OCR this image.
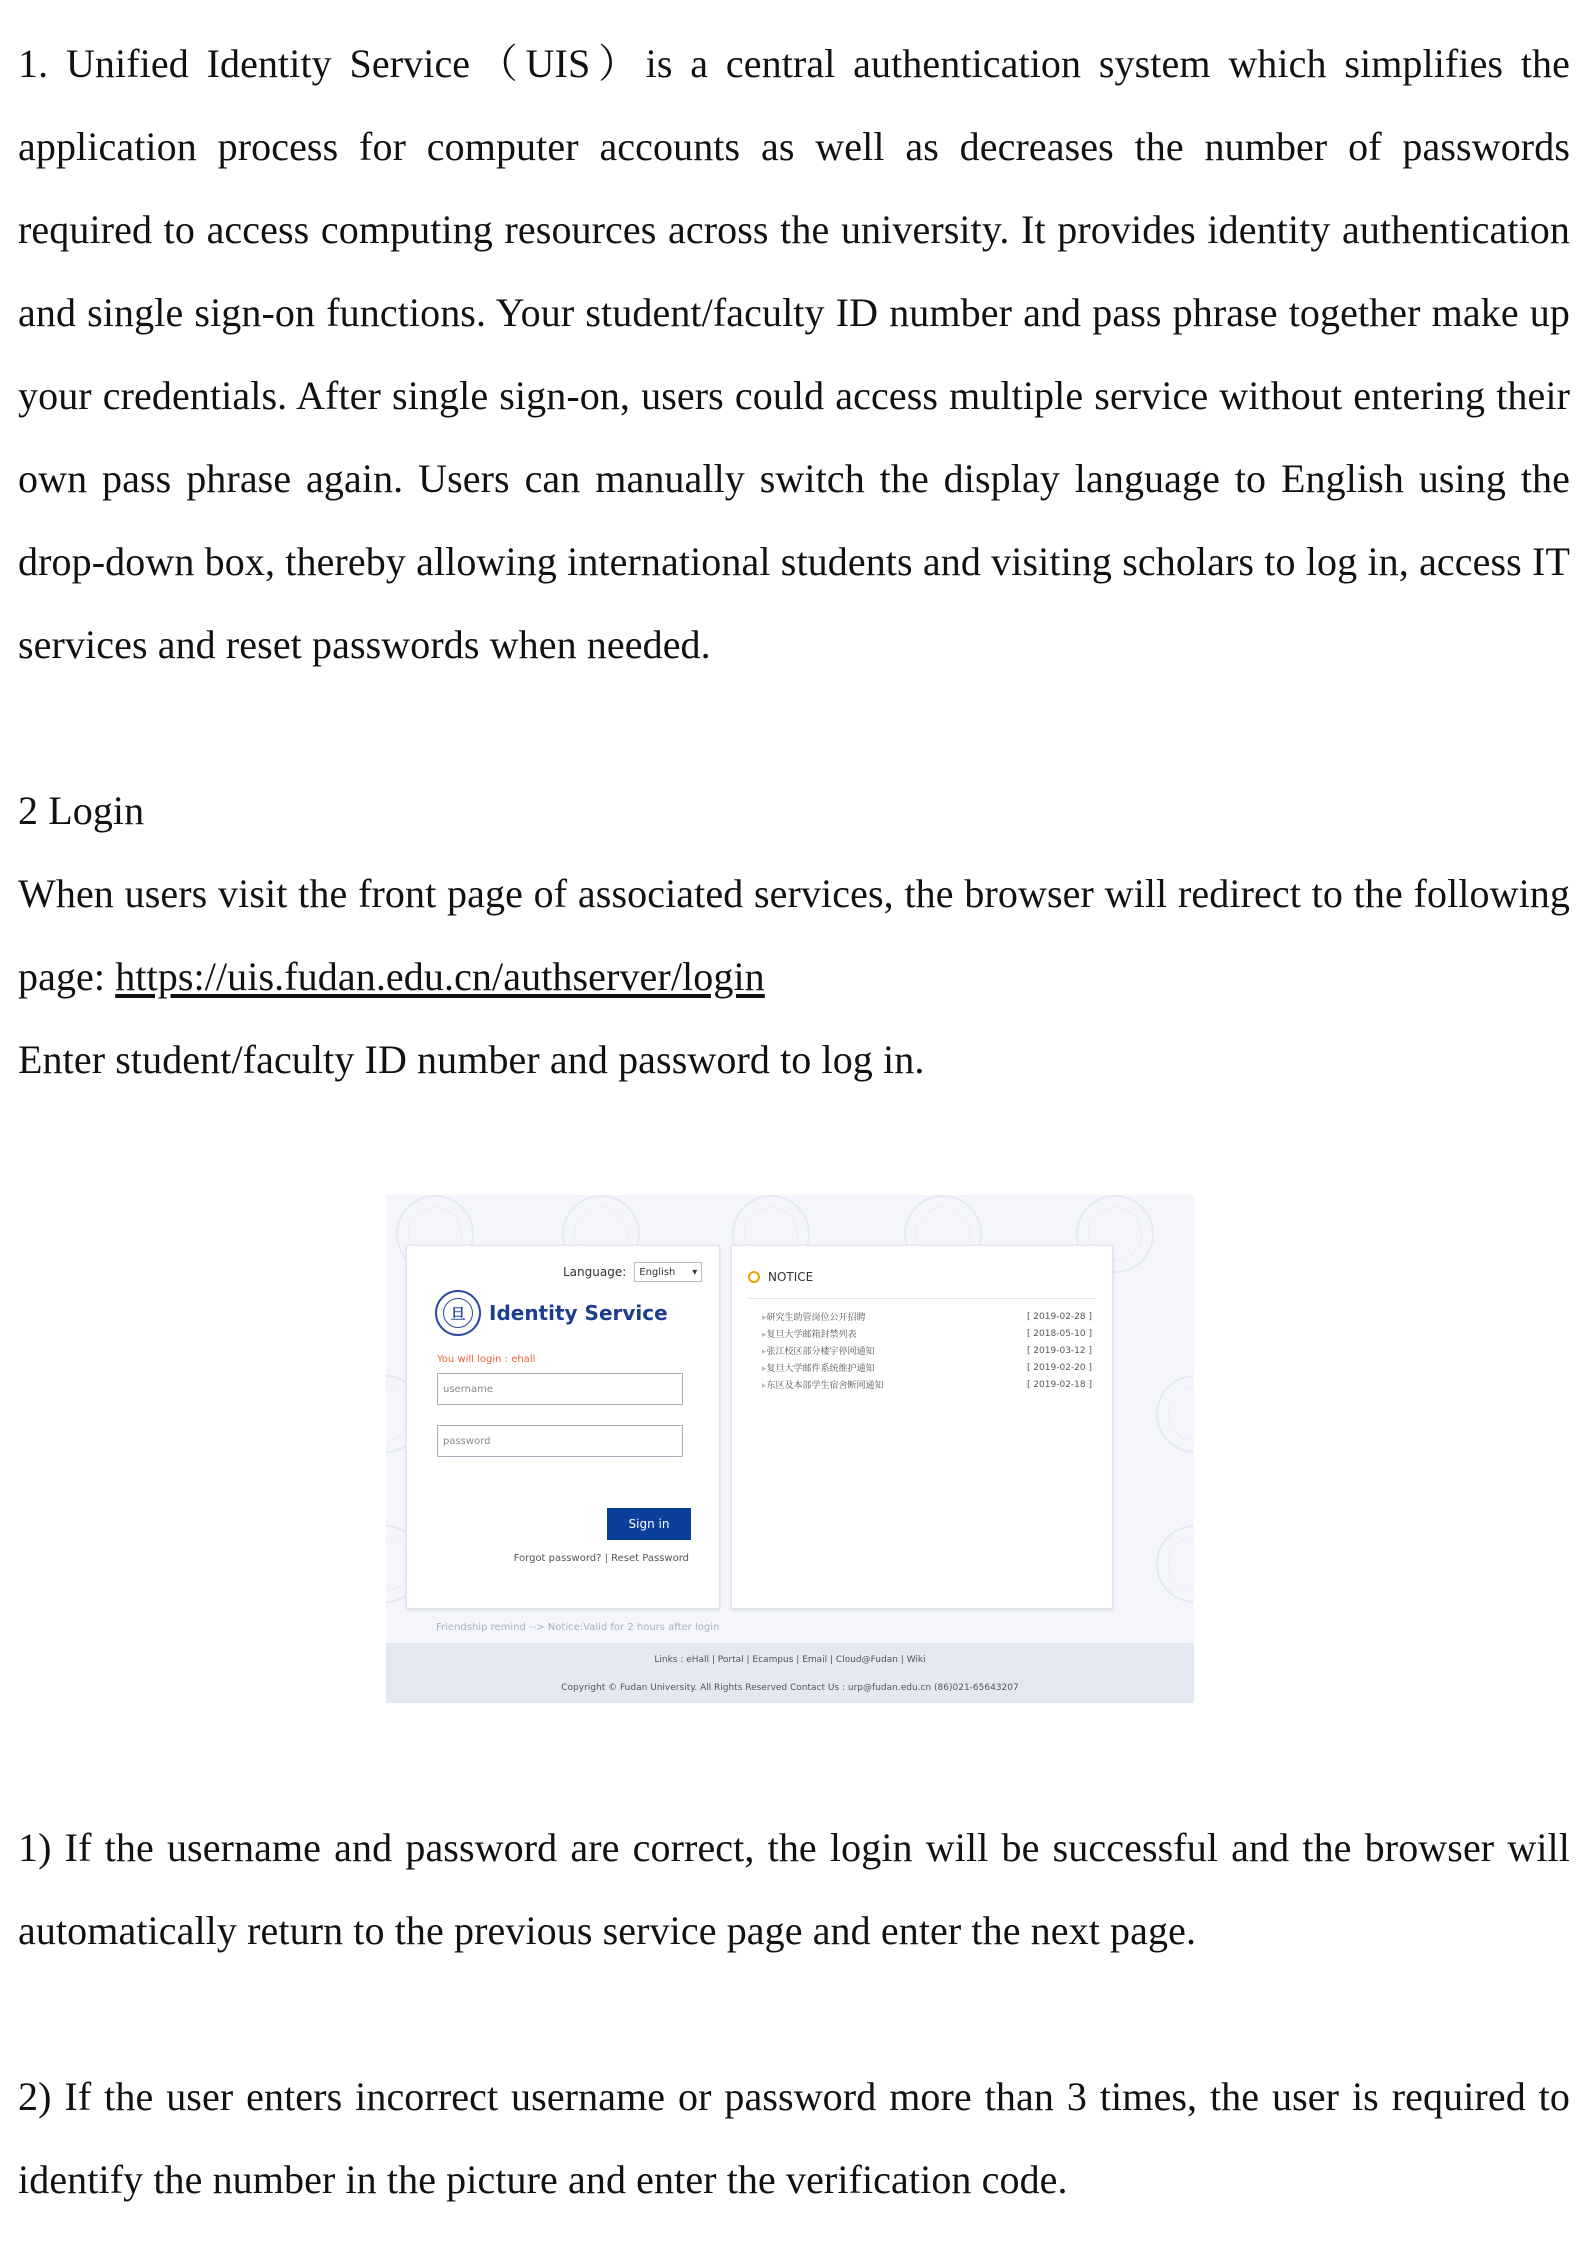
1. Unified Identity Service（UIS）is a central authentication system which simplifies the application process for computer accounts as well as decreases the number of passwords required to access computing resources across the university. It provides identity authentication and single sign-on functions. Your student/faculty ID number and pass phrase together make up your credentials. After single sign-on, users could access multiple service without entering their own pass phrase again. Users can manually switch the display language to English using the drop-down box, thereby allowing international students and visiting scholars to log in, access IT services and reset passwords when needed.

2 Login

When users visit the front page of associated services, the browser will redirect to the following page: https://uis.fudan.edu.cn/authserver/login

Enter student/faculty ID number and password to log in.

Language: English ▾
旦	Identity Service
You will login : ehall
username
password
Sign in
Forgot password? | Reset Password
NOTICE
▸ 研究生助管岗位公开招聘	[ 2019-02-28 ]
▸ 复旦大学邮箱封禁列表	[ 2018-05-10 ]
▸ 张江校区部分楼宇停网通知	[ 2019-03-12 ]
▸ 复旦大学邮件系统维护通知	[ 2019-02-20 ]
▸ 东区及本部学生宿舍断网通知	[ 2019-02-18 ]
Friendship remind --> Notice:Valid for 2 hours after login
Links : eHall | Portal | Ecampus | Email | Cloud@Fudan | Wiki
Copyright © Fudan University. All Rights Reserved Contact Us : urp@fudan.edu.cn (86)021-65643207

1) If the username and password are correct, the login will be successful and the browser will automatically return to the previous service page and enter the next page.

2) If the user enters incorrect username or password more than 3 times, the user is required to identify the number in the picture and enter the verification code.
